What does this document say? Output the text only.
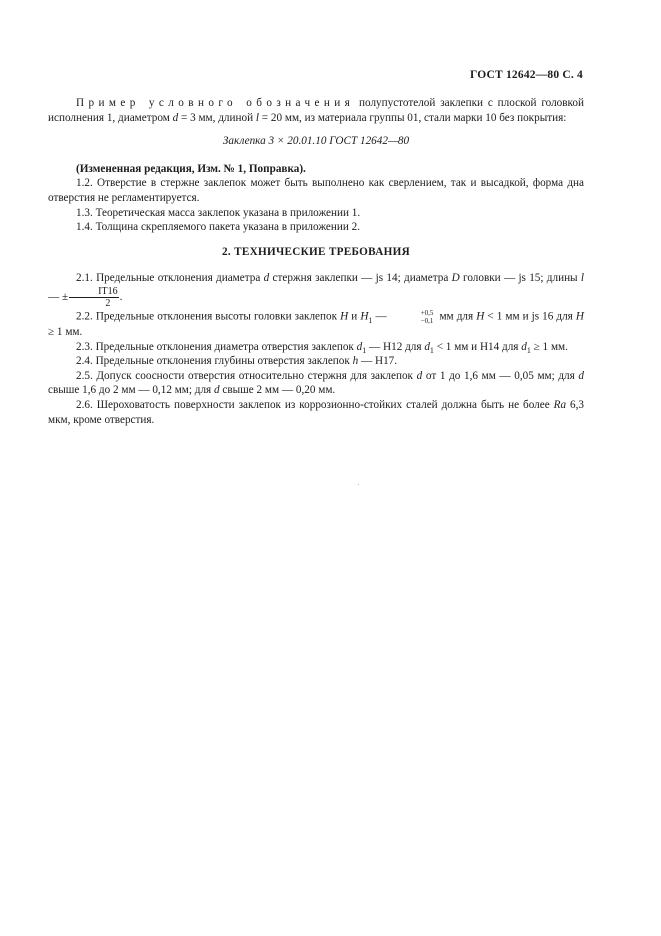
ГОСТ 12642—80 С. 4

Пример условного обозначения полупустотелой заклепки с плоской головкой исполнения 1, диаметром d = 3 мм, длиной l = 20 мм, из материала группы 01, стали марки 10 без покрытия:

Заклепка 3 × 20.01.10 ГОСТ 12642—80

(Измененная редакция, Изм. № 1, Поправка).

1.2. Отверстие в стержне заклепок может быть выполнено как сверлением, так и высадкой, форма дна отверстия не регламентируется.

1.3. Теоретическая масса заклепок указана в приложении 1.

1.4. Толщина скрепляемого пакета указана в приложении 2.

2. ТЕХНИЧЕСКИЕ ТРЕБОВАНИЯ

2.1. Предельные отклонения диаметра d стержня заклепки — js 14; диаметра D головки — js 15; длины l — ± $\frac{IT16}{2}$ .

2.2. Предельные отклонения высоты головки заклепок H и $H_1$ —	+0,5
−0,1 мм для H < 1 мм и js 16 для H ≥ 1 мм.

2.3. Предельные отклонения диаметра отверстия заклепок $d_1$ — H12 для $d_1 < 1$ мм и H14 для $d_1 \ge 1$ мм.

2.4. Предельные отклонения глубины отверстия заклепок h — H17.

2.5. Допуск соосности отверстия относительно стержня для заклепок d от 1 до 1,6 мм — 0,05 мм; для d свыше 1,6 до 2 мм — 0,12 мм; для d свыше 2 мм — 0,20 мм.

2.6. Шероховатость поверхности заклепок из коррозионно-стойких сталей должна быть не более Ra 6,3 мкм, кроме отверстия.
